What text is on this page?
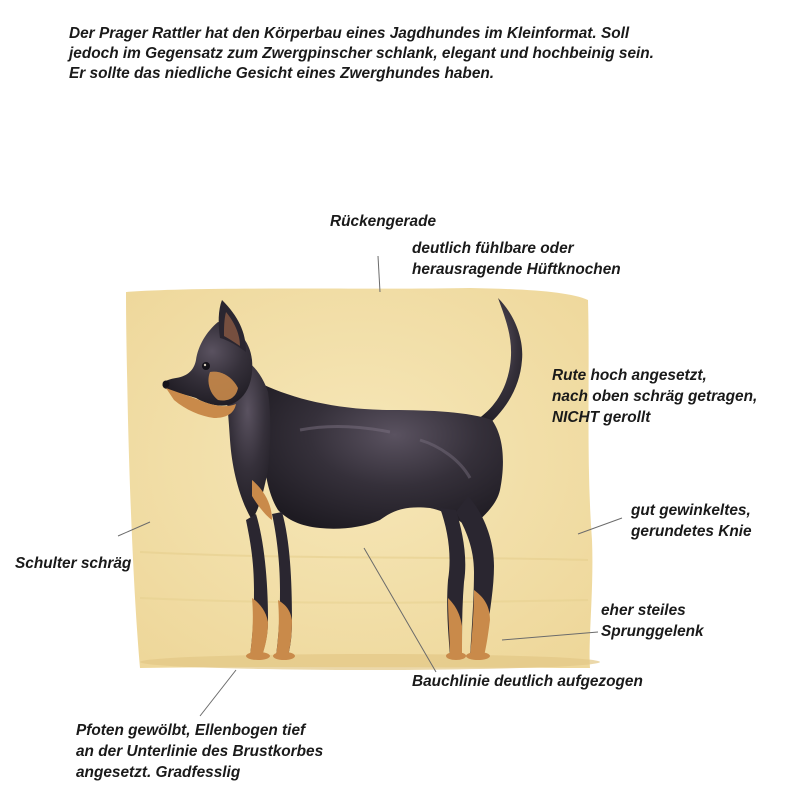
Der Prager Rattler hat den Körperbau eines Jagdhundes im Kleinformat. Soll
jedoch im Gegensatz zum Zwergpinscher schlank, elegant und hochbeinig sein.
Er sollte das niedliche Gesicht eines Zwerghundes haben.

Rückengerade
deutlich fühlbare oder
herausragende Hüftknochen
Rute hoch angesetzt,
nach oben schräg getragen,
NICHT gerollt
gut gewinkeltes,
gerundetes Knie
Schulter schräg
eher steiles
Sprunggelenk
Bauchlinie deutlich aufgezogen
Pfoten gewölbt, Ellenbogen tief
an der Unterlinie des Brustkorbes
angesetzt. Gradfesslig
